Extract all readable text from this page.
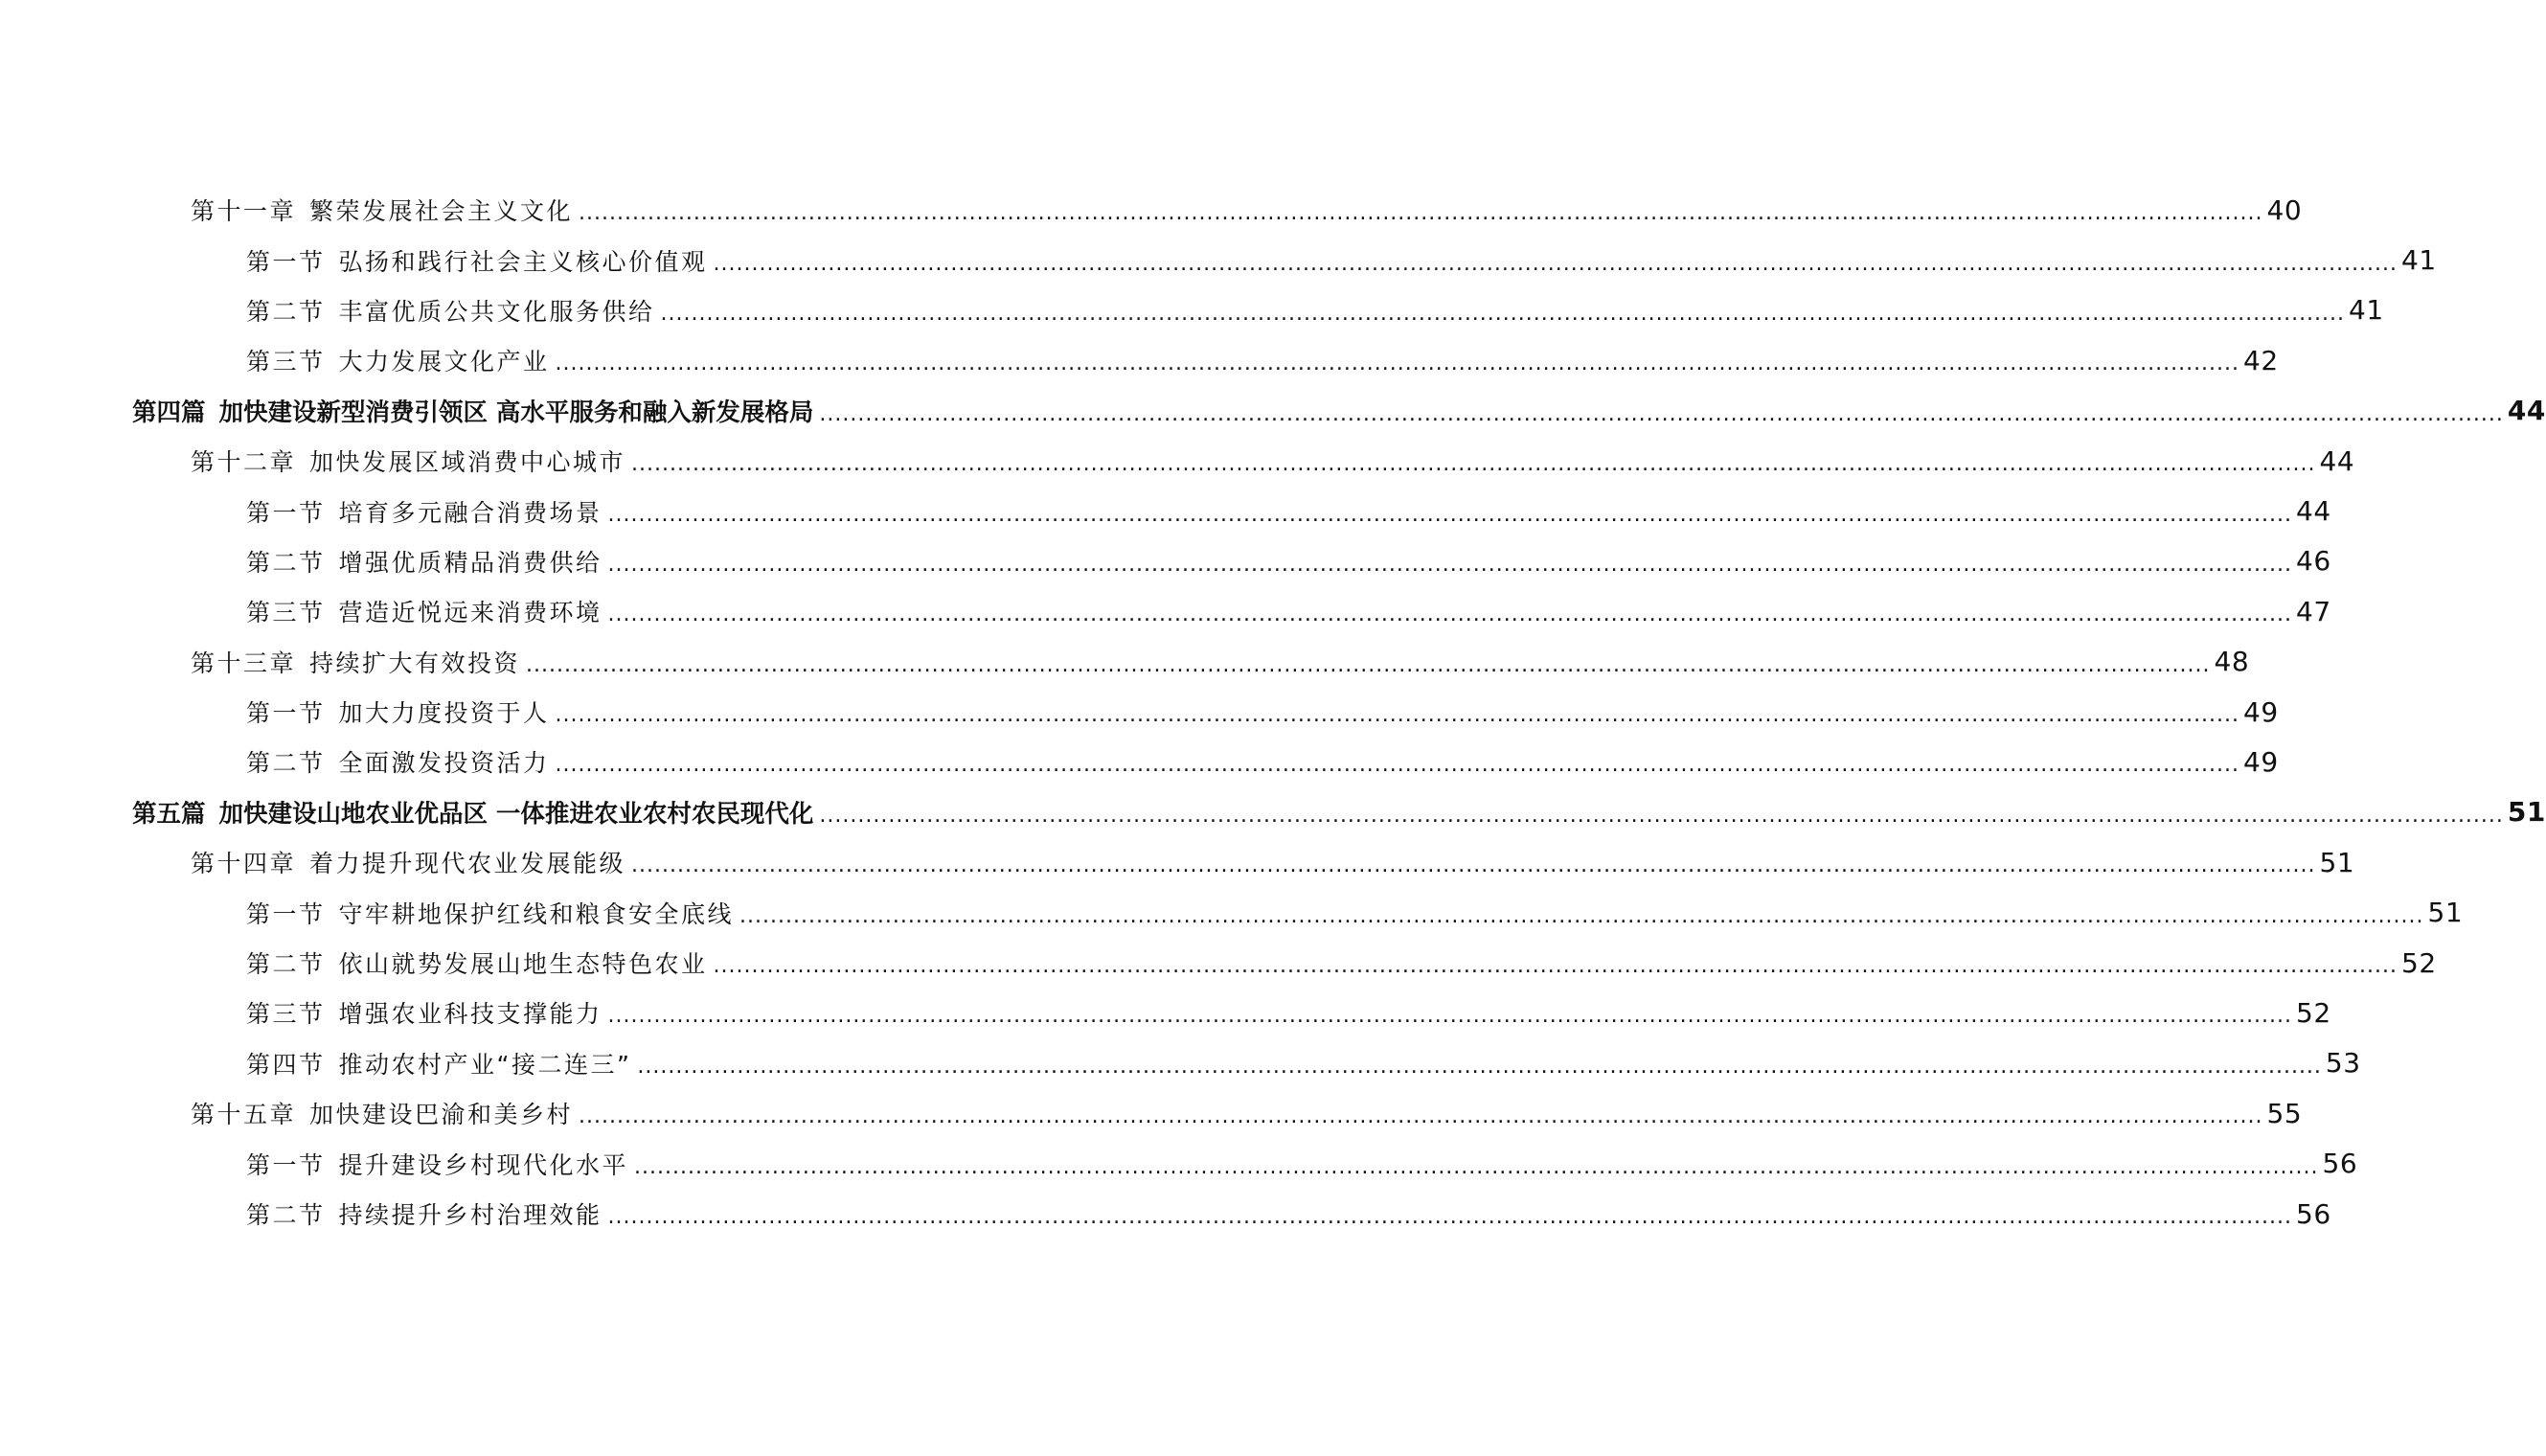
第十一章 繁荣发展社会主义文化 ............................................................................................................................................................................................................................ 40
第一节 弘扬和践行社会主义核心价值观 ............................................................................................................................................................................................................................ 41
第二节 丰富优质公共文化服务供给 ............................................................................................................................................................................................................................ 41
第三节 大力发展文化产业 ............................................................................................................................................................................................................................ 42
第四篇 加快建设新型消费引领区 高水平服务和融入新发展格局 ............................................................................................................................................................................................................................ 44
第十二章 加快发展区域消费中心城市 ............................................................................................................................................................................................................................ 44
第一节 培育多元融合消费场景 ............................................................................................................................................................................................................................ 44
第二节 增强优质精品消费供给 ............................................................................................................................................................................................................................ 46
第三节 营造近悦远来消费环境 ............................................................................................................................................................................................................................ 47
第十三章 持续扩大有效投资 ............................................................................................................................................................................................................................ 48
第一节 加大力度投资于人 ............................................................................................................................................................................................................................ 49
第二节 全面激发投资活力 ............................................................................................................................................................................................................................ 49
第五篇 加快建设山地农业优品区 一体推进农业农村农民现代化 ............................................................................................................................................................................................................................ 51
第十四章 着力提升现代农业发展能级 ............................................................................................................................................................................................................................ 51
第一节 守牢耕地保护红线和粮食安全底线 ............................................................................................................................................................................................................................ 51
第二节 依山就势发展山地生态特色农业 ............................................................................................................................................................................................................................ 52
第三节 增强农业科技支撑能力 ............................................................................................................................................................................................................................ 52
第四节 推动农村产业“接二连三” ............................................................................................................................................................................................................................ 53
第十五章 加快建设巴渝和美乡村 ............................................................................................................................................................................................................................ 55
第一节 提升建设乡村现代化水平 ............................................................................................................................................................................................................................ 56
第二节 持续提升乡村治理效能 ............................................................................................................................................................................................................................ 56
